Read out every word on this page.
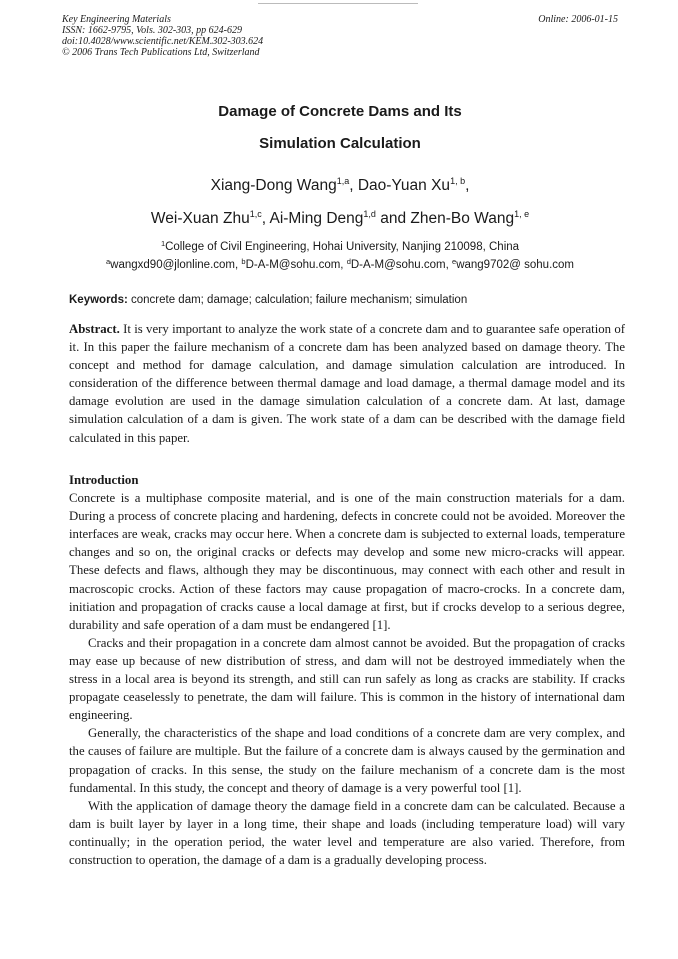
Key Engineering Materials
ISSN: 1662-9795, Vols. 302-303, pp 624-629
doi:10.4028/www.scientific.net/KEM.302-303.624
© 2006 Trans Tech Publications Ltd, Switzerland
Online: 2006-01-15
Damage of Concrete Dams and Its
Simulation Calculation
Xiang-Dong Wang$^{1,a}$, Dao-Yuan Xu$^{1, b}$,
Wei-Xuan Zhu$^{1,c}$, Ai-Ming Deng$^{1,d}$ and Zhen-Bo Wang$^{1, e}$
$^1$College of Civil Engineering, Hohai University, Nanjing 210098, China
$^a$wangxd90@jlonline.com, $^b$D-A-M@sohu.com, $^d$D-A-M@sohu.com, $^e$wang9702@ sohu.com
Keywords: concrete dam; damage; calculation; failure mechanism; simulation

Abstract. It is very important to analyze the work state of a concrete dam and to guarantee safe operation of it. In this paper the failure mechanism of a concrete dam has been analyzed based on damage theory. The concept and method for damage calculation, and damage simulation calculation are introduced. In consideration of the difference between thermal damage and load damage, a thermal damage model and its damage evolution are used in the damage simulation calculation of a concrete dam. At last, damage simulation calculation of a dam is given. The work state of a dam can be described with the damage field calculated in this paper.

Introduction

Concrete is a multiphase composite material, and is one of the main construction materials for a dam. During a process of concrete placing and hardening, defects in concrete could not be avoided. Moreover the interfaces are weak, cracks may occur here. When a concrete dam is subjected to external loads, temperature changes and so on, the original cracks or defects may develop and some new micro-cracks will appear. These defects and flaws, although they may be discontinuous, may connect with each other and result in macroscopic crocks. Action of these factors may cause propagation of macro-crocks. In a concrete dam, initiation and propagation of cracks cause a local damage at first, but if crocks develop to a serious degree, durability and safe operation of a dam must be endangered [1].

Cracks and their propagation in a concrete dam almost cannot be avoided. But the propagation of cracks may ease up because of new distribution of stress, and dam will not be destroyed immediately when the stress in a local area is beyond its strength, and still can run safely as long as cracks are stability. If cracks propagate ceaselessly to penetrate, the dam will failure. This is common in the history of international dam engineering.

Generally, the characteristics of the shape and load conditions of a concrete dam are very complex, and the causes of failure are multiple. But the failure of a concrete dam is always caused by the germination and propagation of cracks. In this sense, the study on the failure mechanism of a concrete dam is the most fundamental. In this study, the concept and theory of damage is a very powerful tool [1].

With the application of damage theory the damage field in a concrete dam can be calculated. Because a dam is built layer by layer in a long time, their shape and loads (including temperature load) will vary continually; in the operation period, the water level and temperature are also varied. Therefore, from construction to operation, the damage of a dam is a gradually developing process.
